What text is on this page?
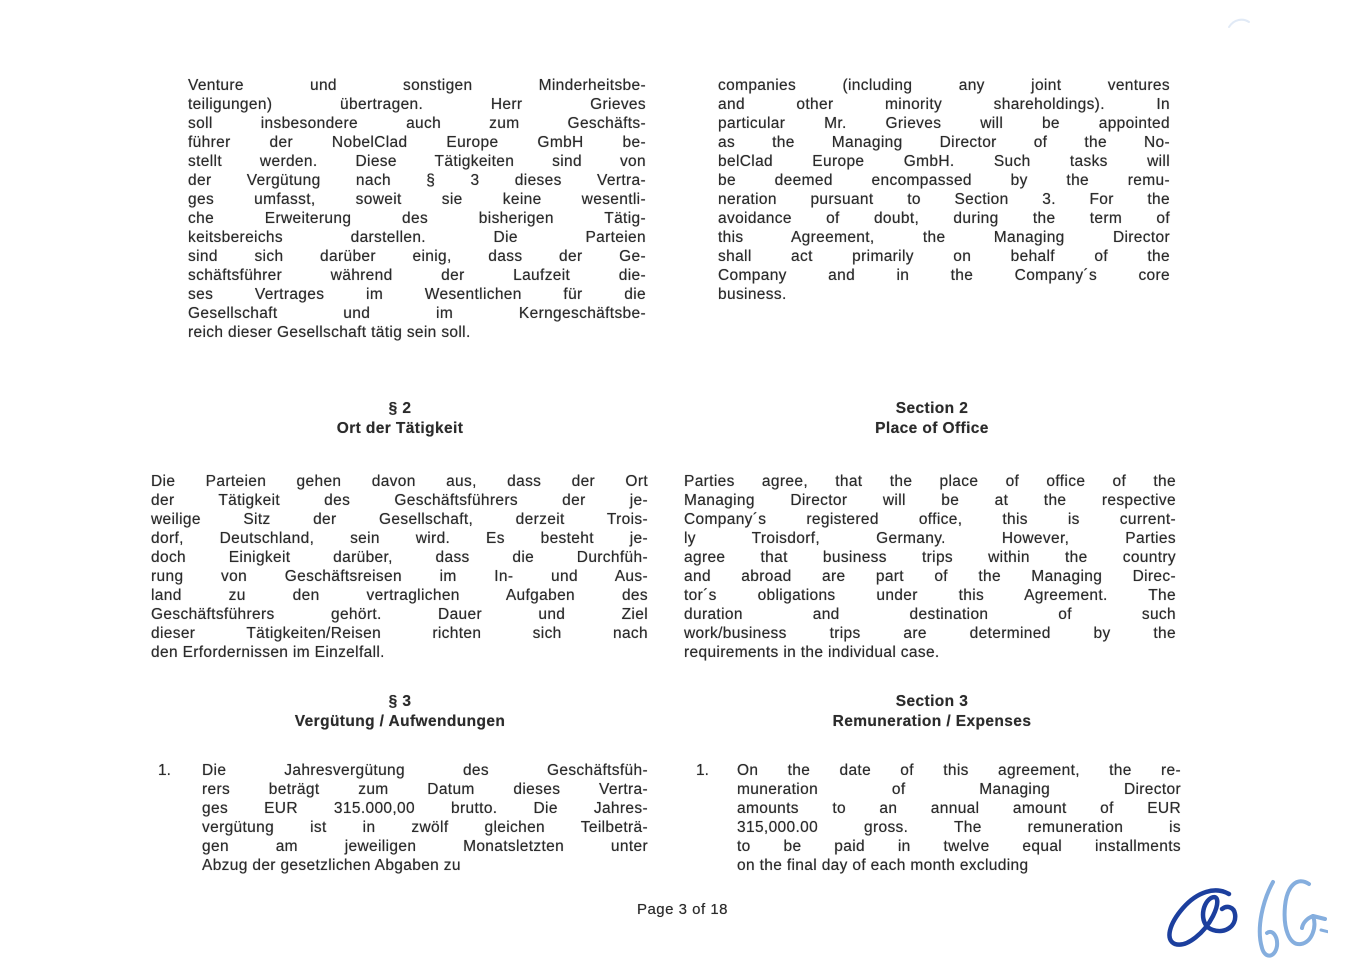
Venture und sonstigen Minderheitsbe-
teiligungen) übertragen. Herr Grieves
soll insbesondere auch zum Geschäfts-
führer der NobelClad Europe GmbH be-
stellt werden. Diese Tätigkeiten sind von
der Vergütung nach § 3 dieses Vertra-
ges umfasst, soweit sie keine wesentli-
che Erweiterung des bisherigen Tätig-
keitsbereichs darstellen. Die Parteien
sind sich darüber einig, dass der Ge-
schäftsführer während der Laufzeit die-
ses Vertrages im Wesentlichen für die
Gesellschaft und im Kerngeschäftsbe-
reich dieser Gesellschaft tätig sein soll.
companies (including any joint ventures
and other minority shareholdings). In
particular Mr. Grieves will be appointed
as the Managing Director of the No-
belClad Europe GmbH. Such tasks will
be deemed encompassed by the remu-
neration pursuant to Section 3. For the
avoidance of doubt, during the term of
this Agreement, the Managing Director
shall act primarily on behalf of the
Company and in the Company´s core
business.
§ 2
Ort der Tätigkeit
Section 2
Place of Office
Die Parteien gehen davon aus, dass der Ort
der Tätigkeit des Geschäftsführers der je-
weilige Sitz der Gesellschaft, derzeit Trois-
dorf, Deutschland, sein wird. Es besteht je-
doch Einigkeit darüber, dass die Durchfüh-
rung von Geschäftsreisen im In- und Aus-
land zu den vertraglichen Aufgaben des
Geschäftsführers gehört. Dauer und Ziel
dieser Tätigkeiten/Reisen richten sich nach
den Erfordernissen im Einzelfall.
Parties agree, that the place of office of the
Managing Director will be at the respective
Company´s registered office, this is current-
ly Troisdorf, Germany. However, Parties
agree that business trips within the country
and abroad are part of the Managing Direc-
tor´s obligations under this Agreement. The
duration and destination of such
work/business trips are determined by the
requirements in the individual case.
§ 3
Vergütung / Aufwendungen
Section 3
Remuneration / Expenses
1.	Die Jahresvergütung des Geschäftsfüh-
rers beträgt zum Datum dieses Vertra-
ges EUR 315.000,00 brutto. Die Jahres-
vergütung ist in zwölf gleichen Teilbeträ-
gen am jeweiligen Monatsletzten unter
Abzug der gesetzlichen Abgaben zu
1.	On the date of this agreement, the re-
muneration of Managing Director
amounts to an annual amount of EUR
315,000.00 gross. The remuneration is
to be paid in twelve equal installments
on the final day of each month excluding
Page 3 of 18
